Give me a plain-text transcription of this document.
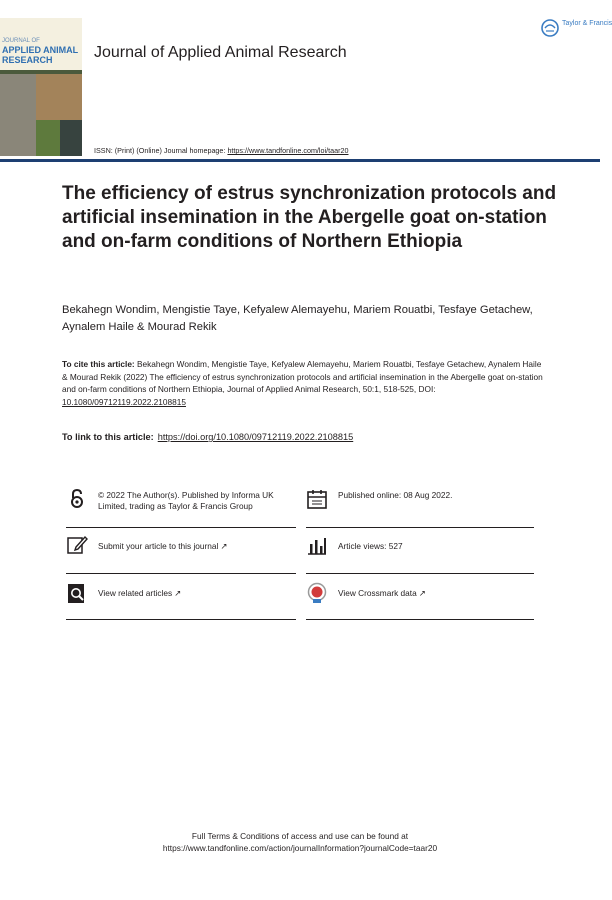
JOURNAL OF
APPLIED ANIMAL RESEARCH	Journal of Applied Animal Research
Taylor & Francis
ISSN: (Print) (Online) Journal homepage: https://www.tandfonline.com/loi/taar20
The efficiency of estrus synchronization protocols and artificial insemination in the Abergelle goat on-station and on-farm conditions of Northern Ethiopia
Bekahegn Wondim, Mengistie Taye, Kefyalew Alemayehu, Mariem Rouatbi, Tesfaye Getachew, Aynalem Haile & Mourad Rekik
To cite this article: Bekahegn Wondim, Mengistie Taye, Kefyalew Alemayehu, Mariem Rouatbi, Tesfaye Getachew, Aynalem Haile & Mourad Rekik (2022) The efficiency of estrus synchronization protocols and artificial insemination in the Abergelle goat on-station and on-farm conditions of Northern Ethiopia, Journal of Applied Animal Research, 50:1, 518-525, DOI: 10.1080/09712119.2022.2108815
To link to this article: https://doi.org/10.1080/09712119.2022.2108815
© 2022 The Author(s). Published by Informa UK Limited, trading as Taylor & Francis Group
Published online: 08 Aug 2022.
Submit your article to this journal ↗	Article views: 527
View related articles ↗	View Crossmark data ↗
Full Terms & Conditions of access and use can be found at
https://www.tandfonline.com/action/journalInformation?journalCode=taar20
